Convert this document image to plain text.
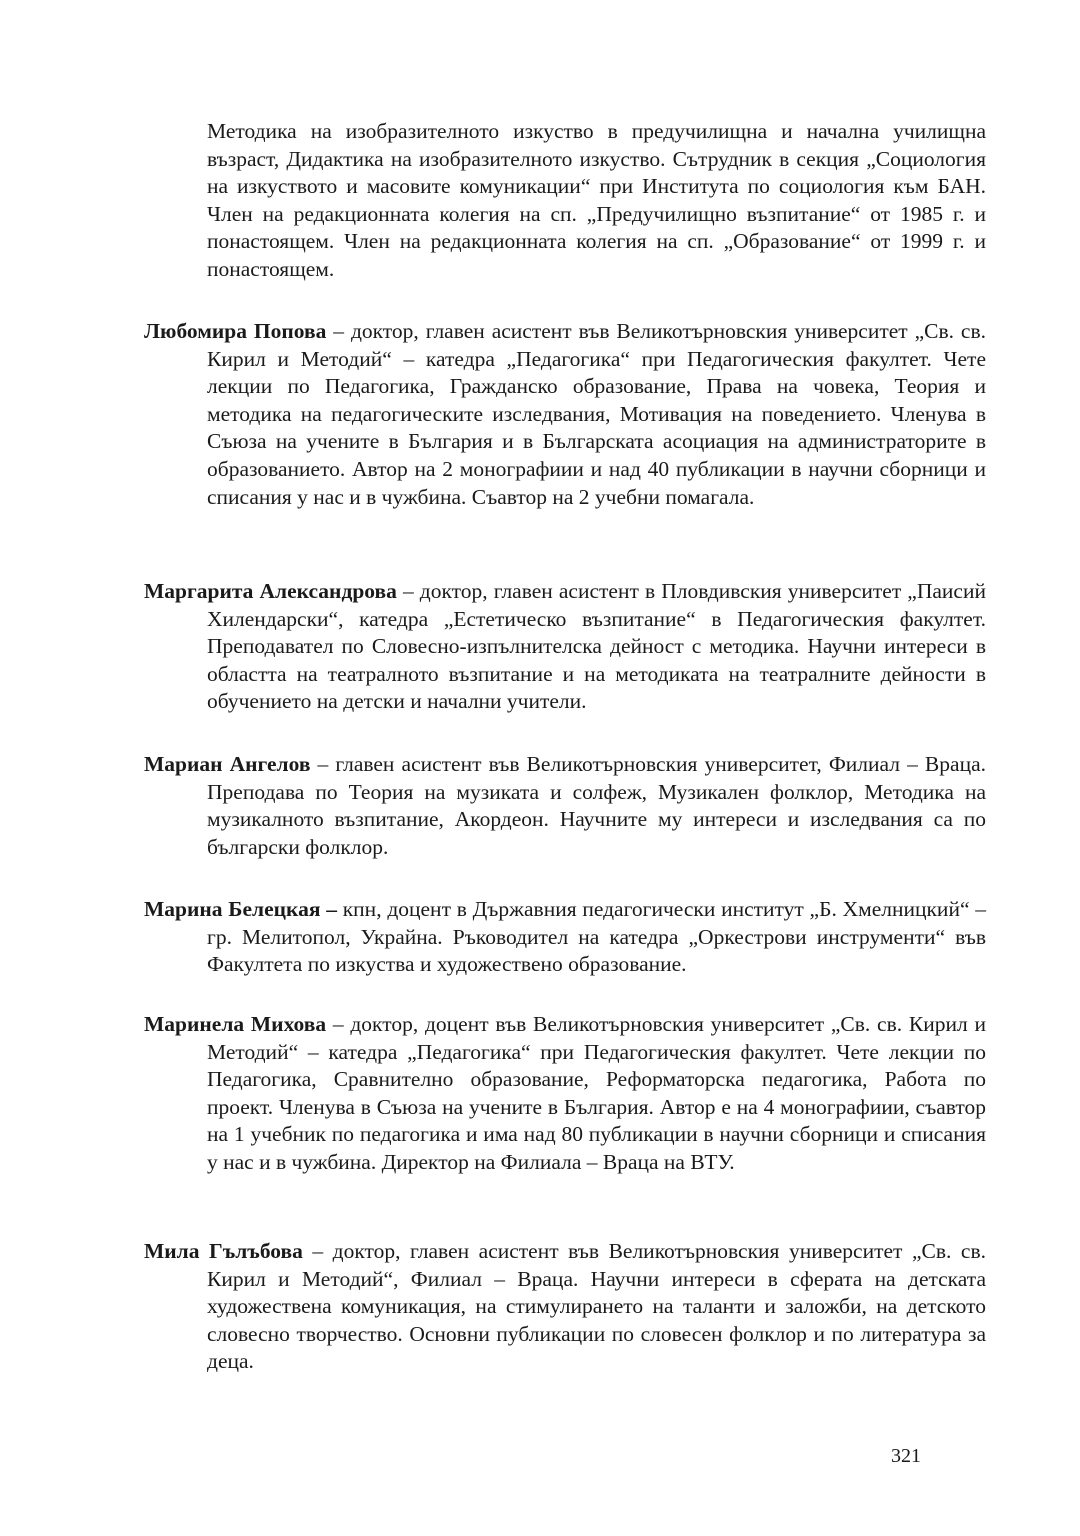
Методика на изобразителното изкуство в предучилищна и начална училищна възраст, Дидактика на изобразителното изкуство. Сътрудник в секция „Социология на изкуството и масовите комуникации“ при Института по социология към БАН. Член на редакционната колегия на сп. „Предучилищно възпитание“ от 1985 г. и понастоящем. Член на редакционната колегия на сп. „Образование“ от 1999 г. и понастоящем.

Любомира Попова – доктор, главен асистент във Великотърновския университет „Св. св. Кирил и Методий“ – катедра „Педагогика“ при Педагогическия факултет. Чете лекции по Педагогика, Гражданско образование, Права на човека, Теория и методика на педагогическите изследвания, Мотивация на поведението. Членува в Съюза на учените в България и в Българската асоциация на администраторите в образованието. Автор на 2 монографиии и над 40 публикации в научни сборници и списания у нас и в чужбина. Съавтор на 2 учебни помагала.

Маргарита Александрова – доктор, главен асистент в Пловдивския университет „Паисий Хилендарски“, катедра „Естетическо възпитание“ в Педагогическия факултет. Преподавател по Словесно-изпълнителска дейност с методика. Научни интереси в областта на театралното възпитание и на методиката на театралните дейности в обучението на детски и начални учители.

Мариан Ангелов – главен асистент във Великотърновския университет, Филиал – Враца. Преподава по Теория на музиката и солфеж, Музикален фолклор, Методика на музикалното възпитание, Акордеон. Научните му интереси и изследвания са по български фолклор.

Марина Белецкая – кпн, доцент в Държавния педагогически институт „Б. Хмелницкий“ – гр. Мелитопол, Украйна. Ръководител на катедра „Оркестрови инструменти“ във Факултета по изкуства и художествено образование.

Маринела Михова – доктор, доцент във Великотърновския университет „Св. св. Кирил и Методий“ – катедра „Педагогика“ при Педагогическия факултет. Чете лекции по Педагогика, Сравнително образование, Реформаторска педагогика, Работа по проект. Членува в Съюза на учените в България. Автор е на 4 монографиии, съавтор на 1 учебник по педагогика и има над 80 публикации в научни сборници и списания у нас и в чужбина. Директор на Филиала – Враца на ВТУ.

Мила Гълъбова – доктор, главен асистент във Великотърновския университет „Св. св. Кирил и Методий“, Филиал – Враца. Научни интереси в сферата на детската художествена комуникация, на стимулирането на таланти и заложби, на детското словесно творчество. Основни публикации по словесен фолклор и по литература за деца.

321
